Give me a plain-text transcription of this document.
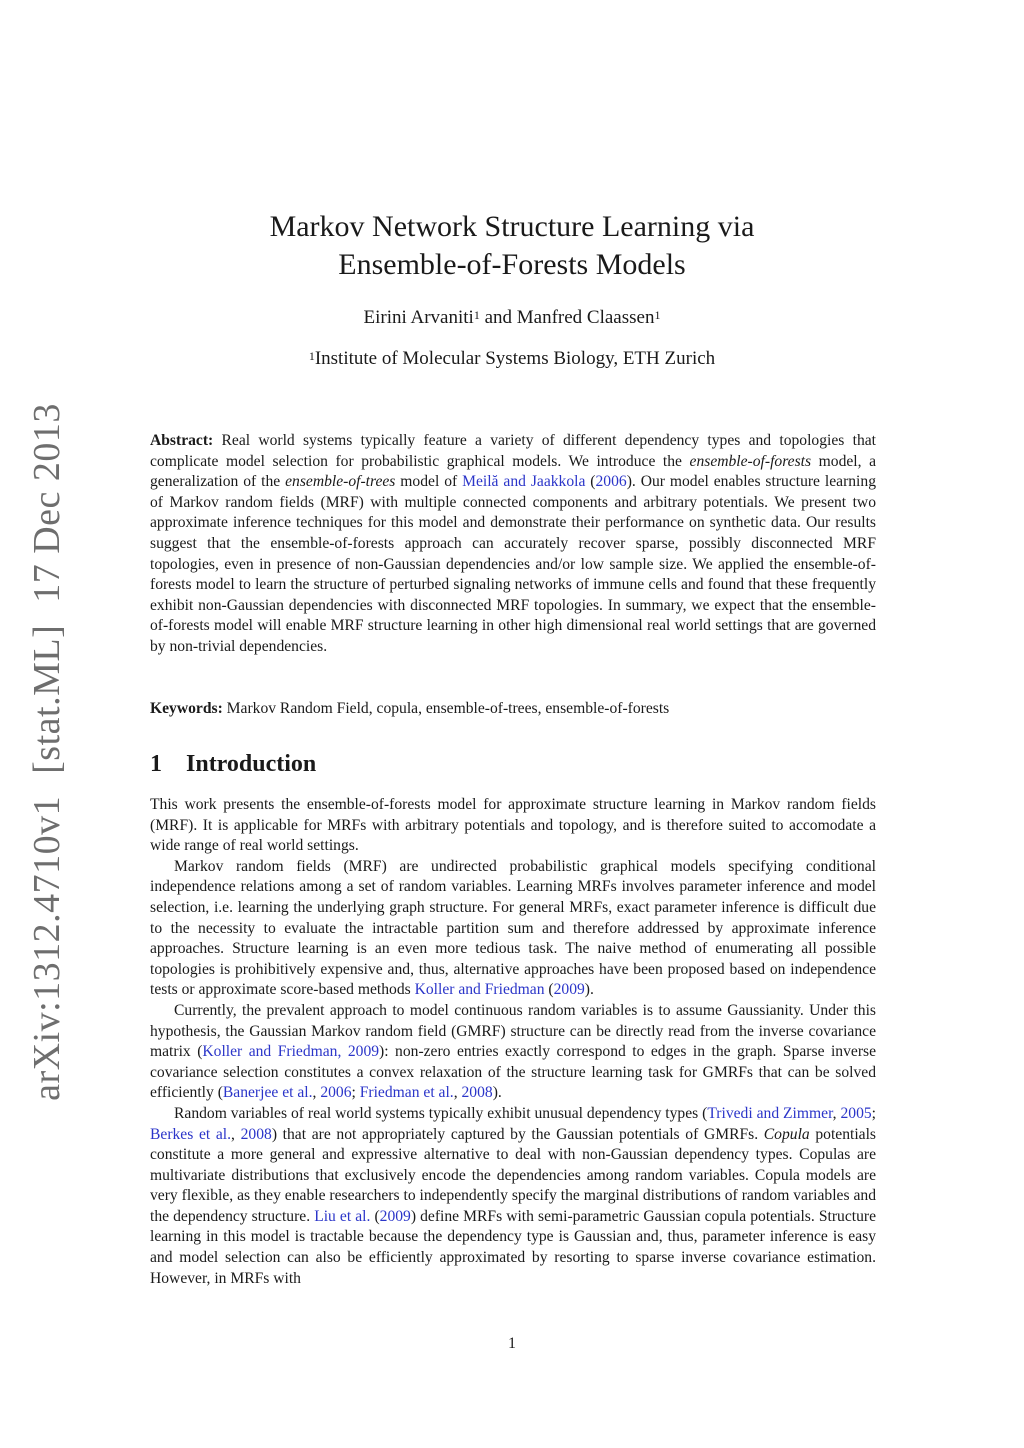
arXiv:1312.4710v1[stat.ML]17 Dec 2013
Markov Network Structure Learning via
Ensemble-of-Forests Models
Eirini Arvaniti$^1$ and Manfred Claassen$^1$
$^1$Institute of Molecular Systems Biology, ETH Zurich
Abstract: Real world systems typically feature a variety of different dependency types and topologies that complicate model selection for probabilistic graphical models. We introduce the ensemble-of-forests model, a generalization of the ensemble-of-trees model of Meilă and Jaakkola (2006). Our model enables structure learning of Markov random fields (MRF) with multiple connected components and arbitrary potentials. We present two approximate inference techniques for this model and demonstrate their performance on synthetic data. Our results suggest that the ensemble-of-forests approach can accurately recover sparse, possibly disconnected MRF topologies, even in presence of non-Gaussian dependencies and/or low sample size. We applied the ensemble-of-forests model to learn the structure of perturbed signaling networks of immune cells and found that these frequently exhibit non-Gaussian dependencies with disconnected MRF topologies. In summary, we expect that the ensemble-of-forests model will enable MRF structure learning in other high dimensional real world settings that are governed by non-trivial dependencies.
Keywords: Markov Random Field, copula, ensemble-of-trees, ensemble-of-forests
1 Introduction

This work presents the ensemble-of-forests model for approximate structure learning in Markov random fields (MRF). It is applicable for MRFs with arbitrary potentials and topology, and is therefore suited to accomodate a wide range of real world settings.

Markov random fields (MRF) are undirected probabilistic graphical models specifying conditional independence relations among a set of random variables. Learning MRFs involves parameter inference and model selection, i.e. learning the underlying graph structure. For general MRFs, exact parameter inference is difficult due to the necessity to evaluate the intractable partition sum and therefore addressed by approximate inference approaches. Structure learning is an even more tedious task. The naive method of enumerating all possible topologies is prohibitively expensive and, thus, alternative approaches have been proposed based on independence tests or approximate score-based methods Koller and Friedman (2009).

Currently, the prevalent approach to model continuous random variables is to assume Gaussianity. Under this hypothesis, the Gaussian Markov random field (GMRF) structure can be directly read from the inverse covariance matrix (Koller and Friedman, 2009): non-zero entries exactly correspond to edges in the graph. Sparse inverse covariance selection constitutes a convex relaxation of the structure learning task for GMRFs that can be solved efficiently (Banerjee et al., 2006; Friedman et al., 2008).

Random variables of real world systems typically exhibit unusual dependency types (Trivedi and Zimmer, 2005; Berkes et al., 2008) that are not appropriately captured by the Gaussian potentials of GMRFs. Copula potentials constitute a more general and expressive alternative to deal with non-Gaussian dependency types. Copulas are multivariate distributions that exclusively encode the dependencies among random variables. Copula models are very flexible, as they enable researchers to independently specify the marginal distributions of random variables and the dependency structure. Liu et al. (2009) define MRFs with semi-parametric Gaussian copula potentials. Structure learning in this model is tractable because the dependency type is Gaussian and, thus, parameter inference is easy and model selection can also be efficiently approximated by resorting to sparse inverse covariance estimation. However, in MRFs with

1
